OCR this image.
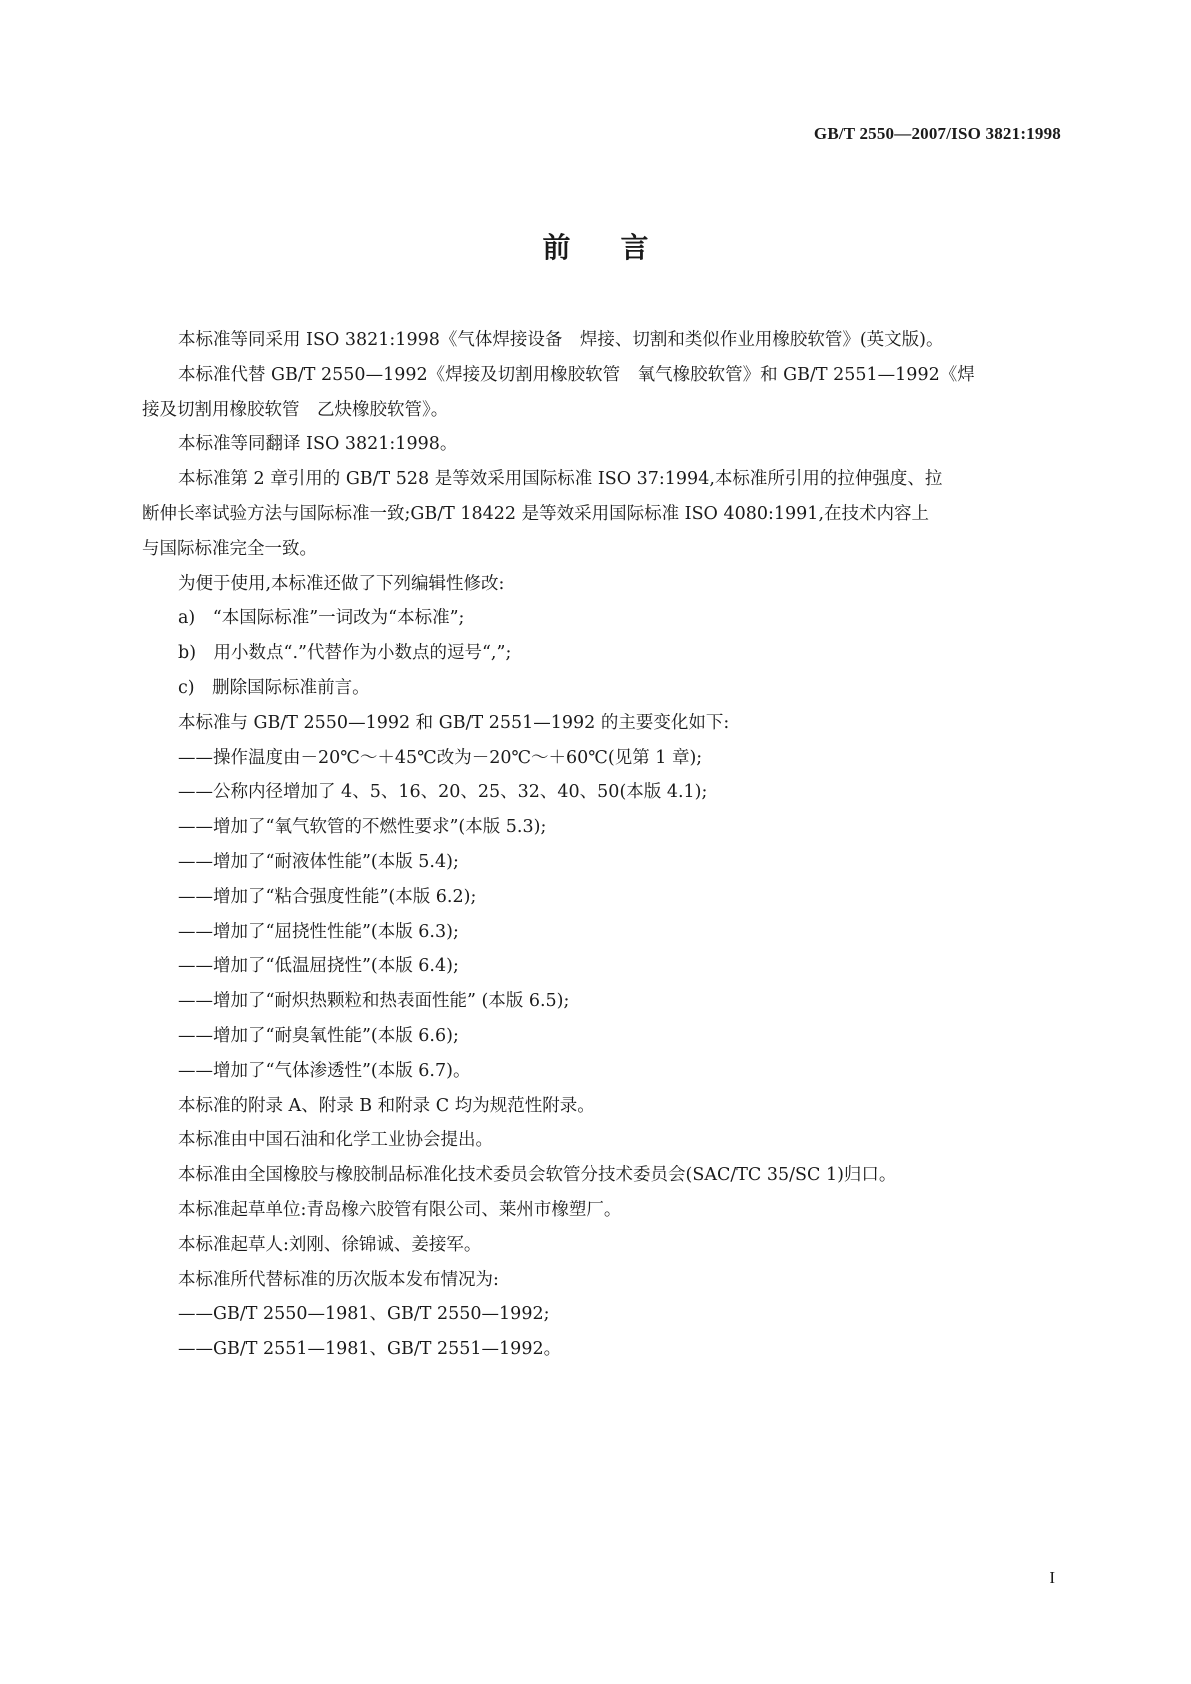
GB/T 2550—2007/ISO 3821:1998
前言

本标准等同采用 ISO 3821:1998《气体焊接设备　焊接、切割和类似作业用橡胶软管》(英文版)。

本标准代替 GB/T 2550—1992《焊接及切割用橡胶软管　氧气橡胶软管》和 GB/T 2551—1992《焊

接及切割用橡胶软管　乙炔橡胶软管》。

本标准等同翻译 ISO 3821:1998。

本标准第 2 章引用的 GB/T 528 是等效采用国际标准 ISO 37:1994,本标准所引用的拉伸强度、拉

断伸长率试验方法与国际标准一致;GB/T 18422 是等效采用国际标准 ISO 4080:1991,在技术内容上

与国际标准完全一致。

为便于使用,本标准还做了下列编辑性修改:

a)　“本国际标准”一词改为“本标准”;

b)　用小数点“.”代替作为小数点的逗号“,”;

c)　删除国际标准前言。

本标准与 GB/T 2550—1992 和 GB/T 2551—1992 的主要变化如下:

——操作温度由－20℃～＋45℃改为－20℃～＋60℃(见第 1 章);

——公称内径增加了 4、5、16、20、25、32、40、50(本版 4.1);

——增加了“氧气软管的不燃性要求”(本版 5.3);

——增加了“耐液体性能”(本版 5.4);

——增加了“粘合强度性能”(本版 6.2);

——增加了“屈挠性性能”(本版 6.3);

——增加了“低温屈挠性”(本版 6.4);

——增加了“耐炽热颗粒和热表面性能” (本版 6.5);

——增加了“耐臭氧性能”(本版 6.6);

——增加了“气体渗透性”(本版 6.7)。

本标准的附录 A、附录 B 和附录 C 均为规范性附录。

本标准由中国石油和化学工业协会提出。

本标准由全国橡胶与橡胶制品标准化技术委员会软管分技术委员会(SAC/TC 35/SC 1)归口。

本标准起草单位:青岛橡六胶管有限公司、莱州市橡塑厂。

本标准起草人:刘刚、徐锦诚、姜接军。

本标准所代替标准的历次版本发布情况为:

——GB/T 2550—1981、GB/T 2550—1992;

——GB/T 2551—1981、GB/T 2551—1992。

I
